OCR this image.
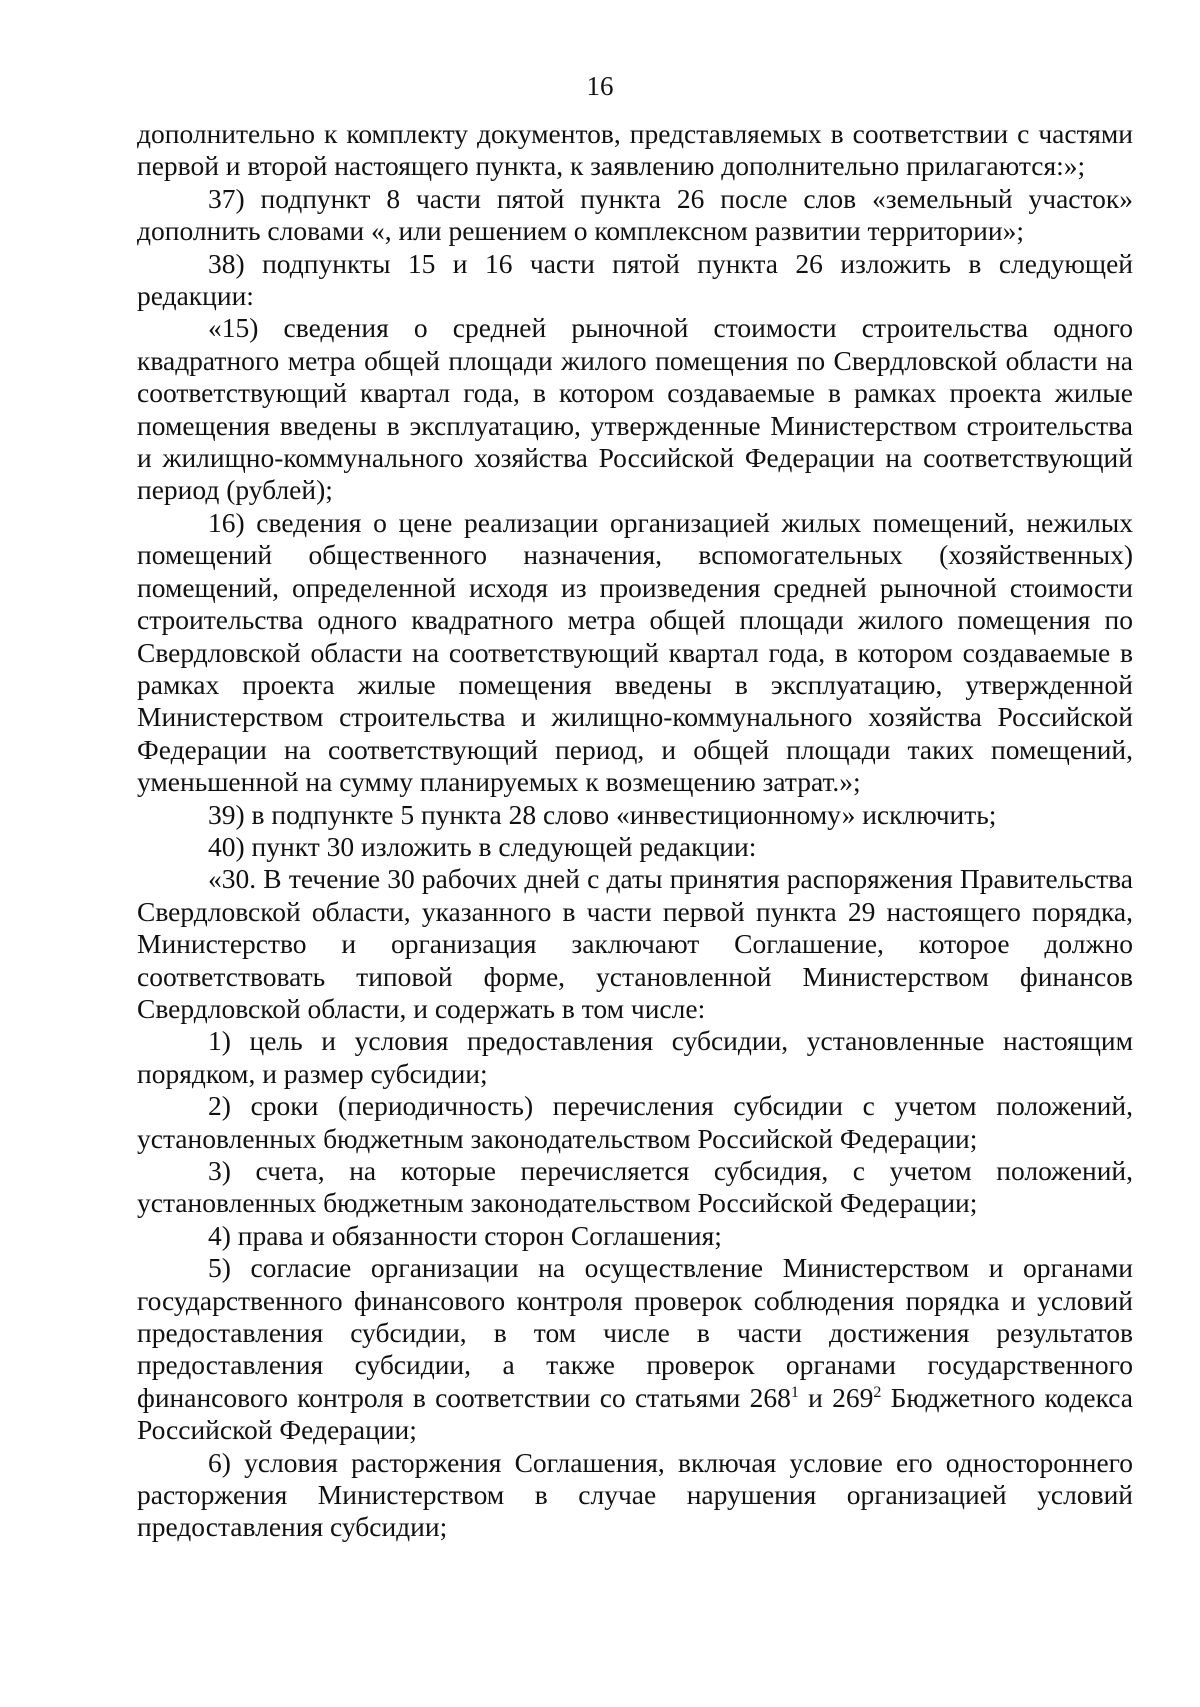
16

дополнительно к комплекту документов, представляемых в соответствии с частями первой и второй настоящего пункта, к заявлению дополнительно прилагаются:»;

37) подпункт 8 части пятой пункта 26 после слов «земельный участок» дополнить словами «, или решением о комплексном развитии территории»;

38) подпункты 15 и 16 части пятой пункта 26 изложить в следующей редакции:

«15) сведения о средней рыночной стоимости строительства одного квадратного метра общей площади жилого помещения по Свердловской области на соответствующий квартал года, в котором создаваемые в рамках проекта жилые помещения введены в эксплуатацию, утвержденные Министерством строительства и жилищно-коммунального хозяйства Российской Федерации на соответствующий период (рублей);

16) сведения о цене реализации организацией жилых помещений, нежилых помещений общественного назначения, вспомогательных (хозяйственных) помещений, определенной исходя из произведения средней рыночной стоимости строительства одного квадратного метра общей площади жилого помещения по Свердловской области на соответствующий квартал года, в котором создаваемые в рамках проекта жилые помещения введены в эксплуатацию, утвержденной Министерством строительства и жилищно-коммунального хозяйства Российской Федерации на соответствующий период, и общей площади таких помещений, уменьшенной на сумму планируемых к возмещению затрат.»;

39) в подпункте 5 пункта 28 слово «инвестиционному» исключить;

40) пункт 30 изложить в следующей редакции:

«30. В течение 30 рабочих дней с даты принятия распоряжения Правительства Свердловской области, указанного в части первой пункта 29 настоящего порядка, Министерство и организация заключают Соглашение, которое должно соответствовать типовой форме, установленной Министерством финансов Свердловской области, и содержать в том числе:

1) цель и условия предоставления субсидии, установленные настоящим порядком, и размер субсидии;

2) сроки (периодичность) перечисления субсидии с учетом положений, установленных бюджетным законодательством Российской Федерации;

3) счета, на которые перечисляется субсидия, с учетом положений, установленных бюджетным законодательством Российской Федерации;

4) права и обязанности сторон Соглашения;

5) согласие организации на осуществление Министерством и органами государственного финансового контроля проверок соблюдения порядка и условий предоставления субсидии, в том числе в части достижения результатов предоставления субсидии, а также проверок органами государственного финансового контроля в соответствии со статьями $268^1$ и $269^2$ Бюджетного кодекса Российской Федерации;

6) условия расторжения Соглашения, включая условие его одностороннего расторжения Министерством в случае нарушения организацией условий предоставления субсидии;
